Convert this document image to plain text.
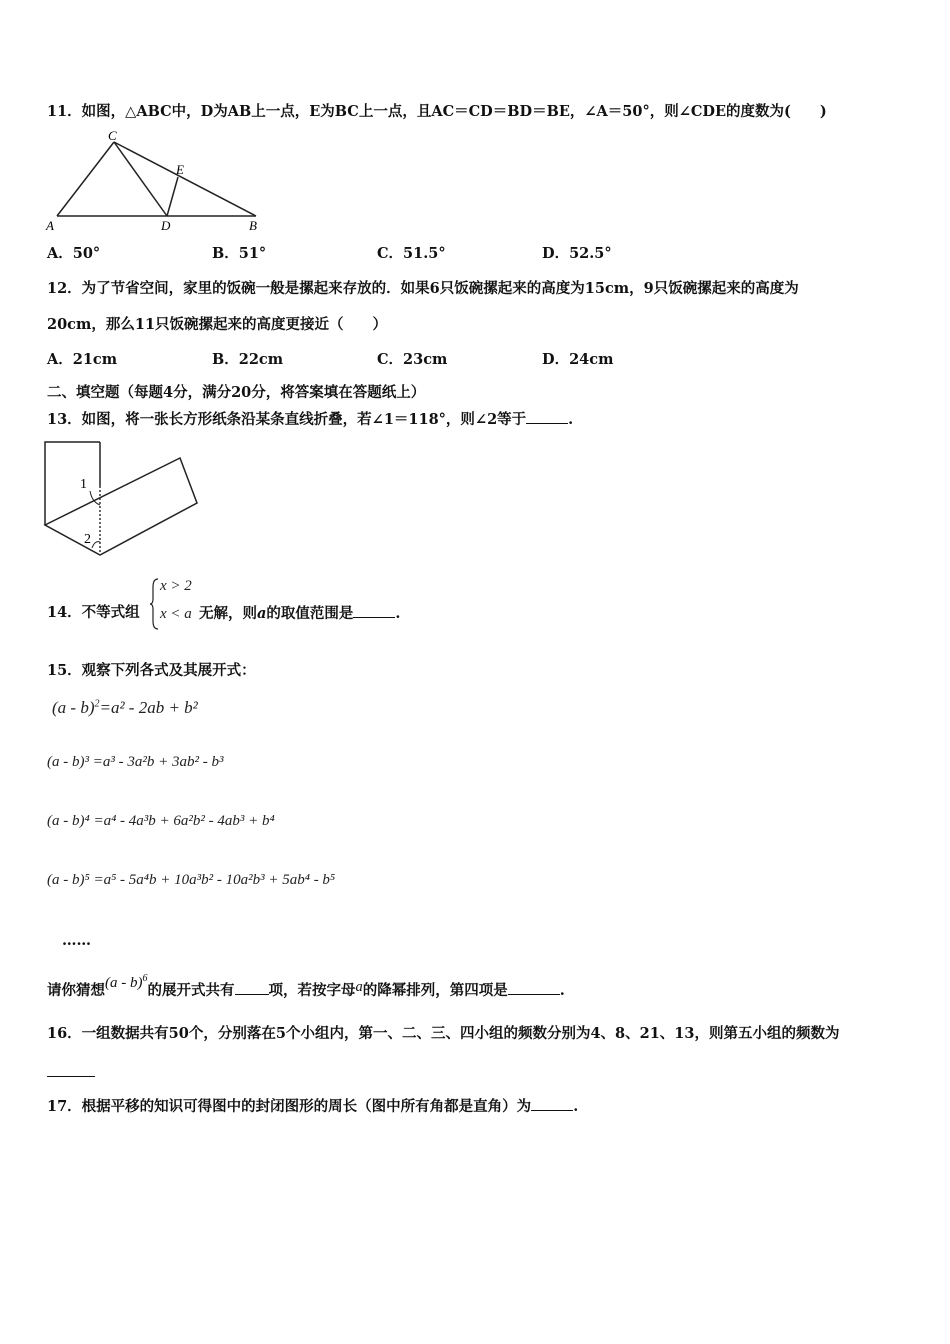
11．如图，△ABC中，D为AB上一点，E为BC上一点，且AC＝CD＝BD＝BE，∠A＝50°，则∠CDE的度数为(　　)
C
E
A	D	B
A．50°	B．51°	C．51.5°	D．52.5°
12．为了节省空间，家里的饭碗一般是摞起来存放的．如果6只饭碗摞起来的高度为15cm，9只饭碗摞起来的高度为
20cm，那么11只饭碗摞起来的高度更接近（　　）
A．21cm	B．22cm	C．23cm	D．24cm
二、填空题（每题4分，满分20分，将答案填在答题纸上）
13．如图，将一张长方形纸条沿某条直线折叠，若∠1＝118°，则∠2等于	.
1
2
14．不等式组
x > 2
x < a 无解，则a的取值范围是	.
15．观察下列各式及其展开式：
(a - b)$^2$=a² - 2ab + b²
(a - b)³ =a³ - 3a²b + 3ab² - b³
(a - b)⁴ =a⁴ - 4a³b + 6a²b² - 4ab³ + b⁴
(a - b)⁵ =a⁵ - 5a⁴b + 10a³b² - 10a²b³ + 5ab⁴ - b⁵
……
请你猜想(a - b)$^6$的展开式共有 项，若按字母a的降幂排列，第四项是	.
16．一组数据共有50个，分别落在5个小组内，第一、二、三、四小组的频数分别为4、8、21、13，则第五小组的频数为
17．根据平移的知识可得图中的封闭图形的周长（图中所有角都是直角）为	.
